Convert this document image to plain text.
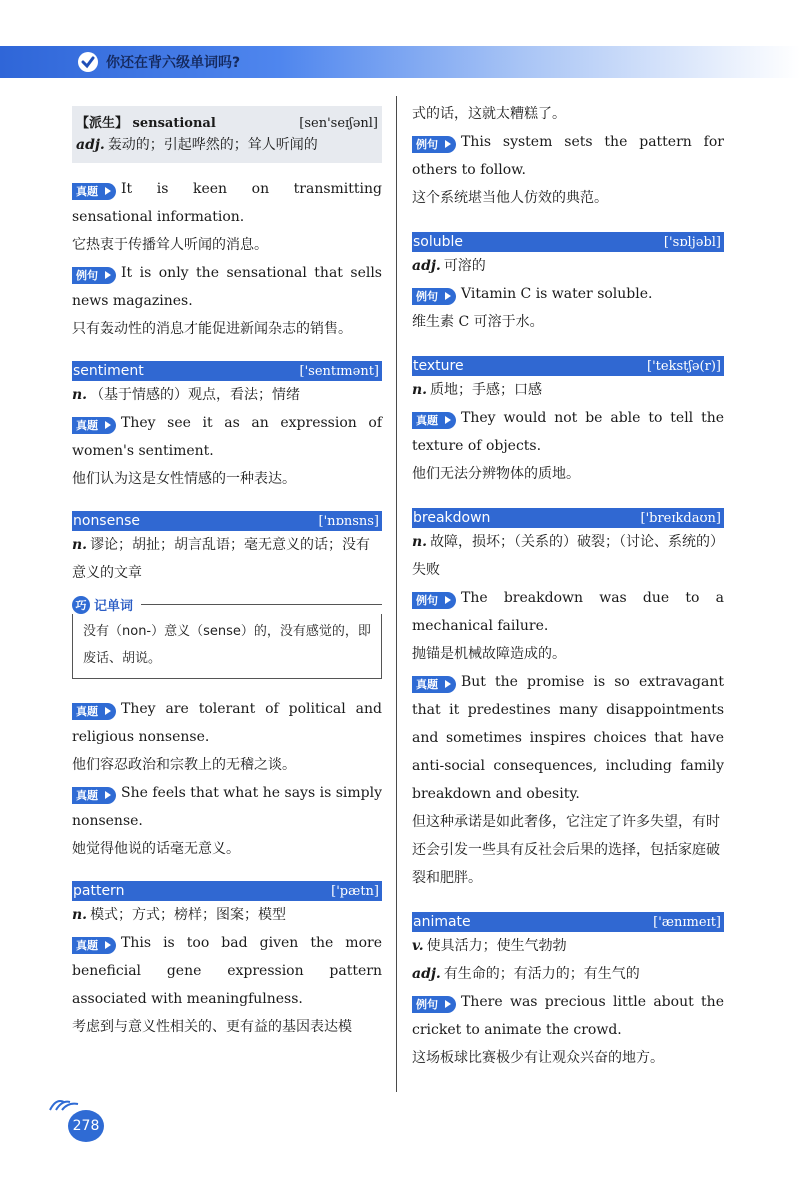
你还在背六级单词吗?
【派生】 sensational	[sen'seɪʃənl]

adj. 轰动的；引起哗然的；耸人听闻的

真题 It is keen on transmitting sensational information.

它热衷于传播耸人听闻的消息。

例句 It is only the sensational that sells news magazines.

只有轰动性的消息才能促进新闻杂志的销售。

sentiment	['sentɪmənt]

n. （基于情感的）观点，看法；情绪

真题 They see it as an expression of women's sentiment.

他们认为这是女性情感的一种表达。

nonsense	['nɒnsns]

n. 谬论；胡扯；胡言乱语；毫无意义的话；没有意义的文章

巧 记单词
没有（non-）意义（sense）的，没有感觉的，即废话、胡说。

真题 They are tolerant of political and religious nonsense.

他们容忍政治和宗教上的无稽之谈。

真题 She feels that what he says is simply nonsense.

她觉得他说的话毫无意义。

pattern	['pætn]

n. 模式；方式；榜样；图案；模型

真题 This is too bad given the more beneficial gene expression pattern associated with meaningfulness.

考虑到与意义性相关的、更有益的基因表达模

式的话，这就太糟糕了。

例句 This system sets the pattern for others to follow.

这个系统堪当他人仿效的典范。

soluble	['sɒljəbl]

adj. 可溶的

例句 Vitamin C is water soluble.

维生素 C 可溶于水。

texture	['tekstʃə(r)]

n. 质地；手感；口感

真题 They would not be able to tell the texture of objects.

他们无法分辨物体的质地。

breakdown	['breɪkdaʊn]

n. 故障，损坏；（关系的）破裂；（讨论、系统的）失败

例句 The breakdown was due to a mechanical failure.

抛锚是机械故障造成的。

真题 But the promise is so extravagant that it predestines many disappointments and sometimes inspires choices that have anti-social consequences, including family breakdown and obesity.

但这种承诺是如此奢侈，它注定了许多失望，有时还会引发一些具有反社会后果的选择，包括家庭破裂和肥胖。

animate	['ænɪmeɪt]

v. 使具活力；使生气勃勃

adj. 有生命的；有活力的；有生气的

例句 There was precious little about the cricket to animate the crowd.

这场板球比赛极少有让观众兴奋的地方。

278
